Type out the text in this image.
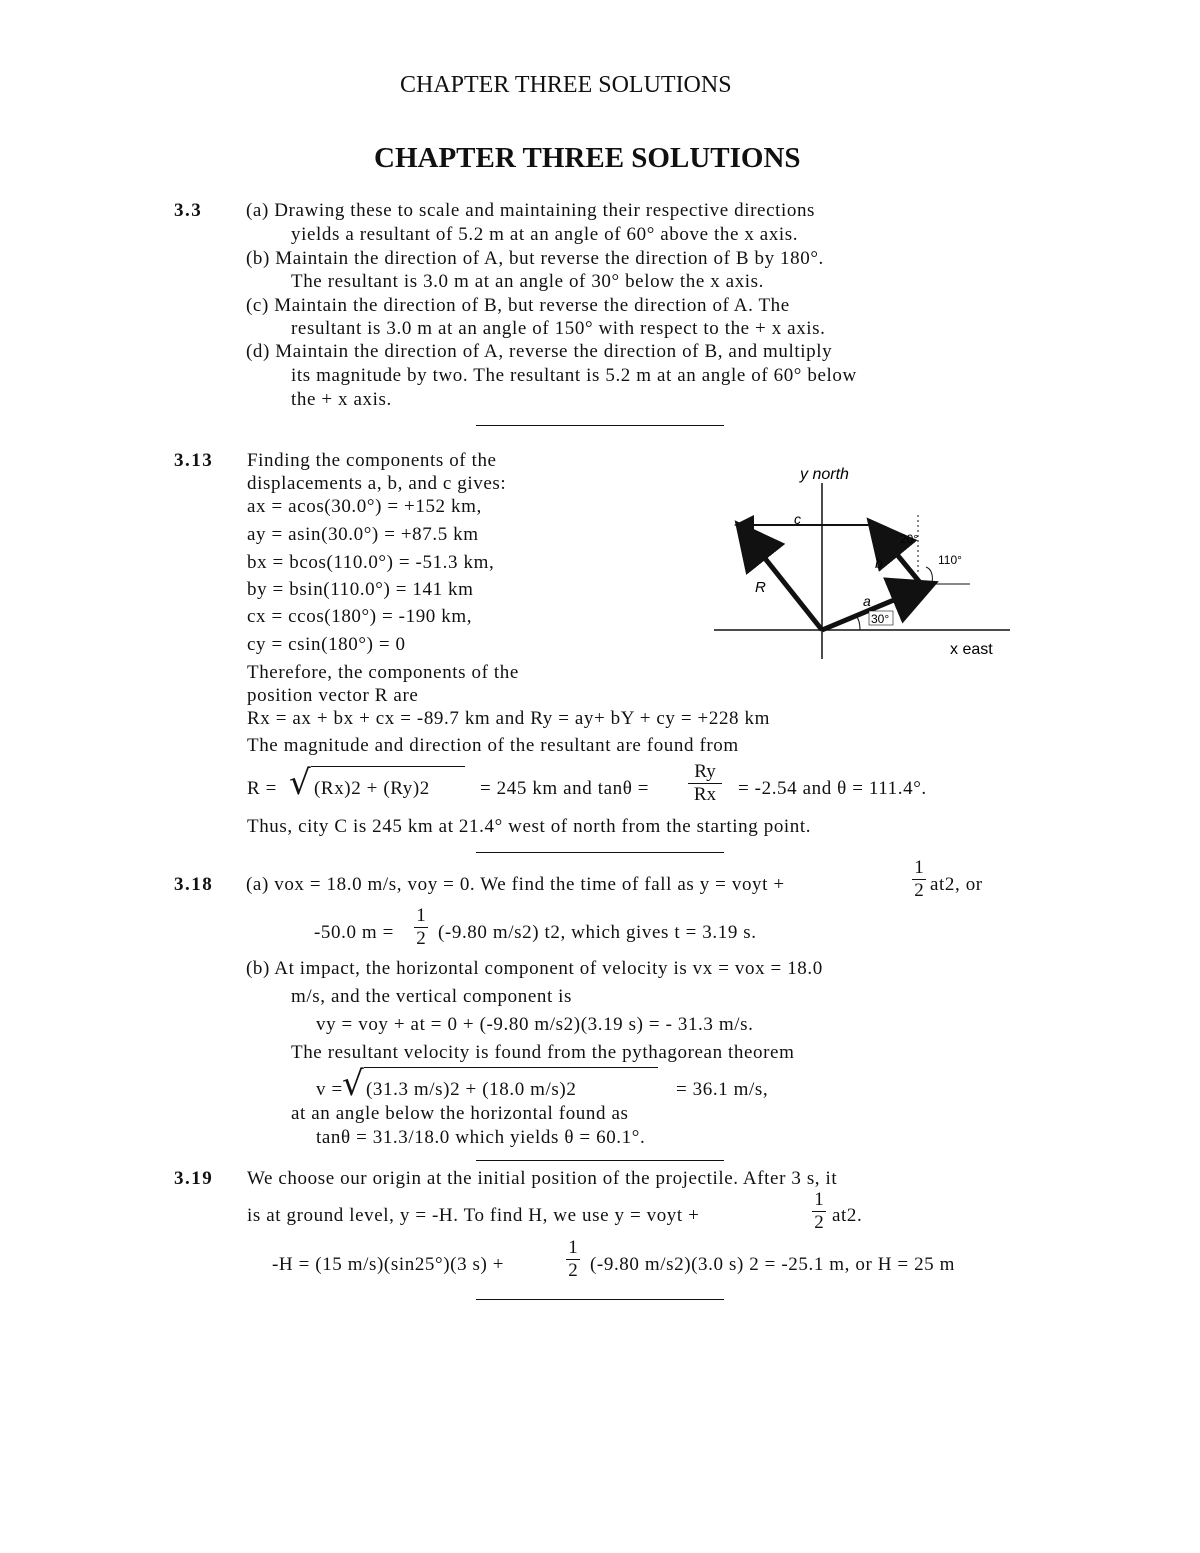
CHAPTER THREE SOLUTIONS
CHAPTER THREE SOLUTIONS
3.3 (a) Drawing these to scale and maintaining their respective directions
yields a resultant of 5.2 m at an angle of 60° above the x axis.
(b) Maintain the direction of A, but reverse the direction of B by 180°.
The resultant is 3.0 m at an angle of 30° below the x axis.
(c) Maintain the direction of B, but reverse the direction of A. The
resultant is 3.0 m at an angle of 150° with respect to the + x axis.
(d) Maintain the direction of A, reverse the direction of B, and multiply
its magnitude by two. The resultant is 5.2 m at an angle of 60° below
the + x axis.
3.13 Finding the components of the
displacements a, b, and c gives:
ax = acos(30.0°) = +152 km,
ay = asin(30.0°) = +87.5 km
bx = bcos(110.0°) = -51.3 km,
by = bsin(110.0°) = 141 km
cx = ccos(180°) = -190 km,
cy = csin(180°) = 0
Therefore, the components of the
position vector R are
Rx = ax + bx + cx = -89.7 km and Ry = ay+ bY + cy = +228 km
The magnitude and direction of the resultant are found from
R = √ (Rx)2 + (Ry)2	= 245 km and tanθ =
Ry
Rx	= -2.54 and θ = 111.4°.
Thus, city C is 245 km at 21.4° west of north from the starting point.
y north
x east
c
b
a
R
30°
20°
110°
3.18 (a) vox = 18.0 m/s, voy = 0. We find the time of fall as y = voyt +
1
2 at2, or
-50.0 m =
1
2 (-9.80 m/s2) t2, which gives t = 3.19 s.
(b) At impact, the horizontal component of velocity is vx = vox = 18.0
m/s, and the vertical component is
vy = voy + at = 0 + (-9.80 m/s2)(3.19 s) = - 31.3 m/s.
The resultant velocity is found from the pythagorean theorem
v = √ (31.3 m/s)2 + (18.0 m/s)2	= 36.1 m/s,
at an angle below the horizontal found as
tanθ = 31.3/18.0 which yields θ = 60.1°.
3.19 We choose our origin at the initial position of the projectile. After 3 s, it
is at ground level, y = -H. To find H, we use y = voyt +
1
2 at2.
-H = (15 m/s)(sin25°)(3 s) +
1
2 (-9.80 m/s2)(3.0 s) 2 = -25.1 m, or H = 25 m
